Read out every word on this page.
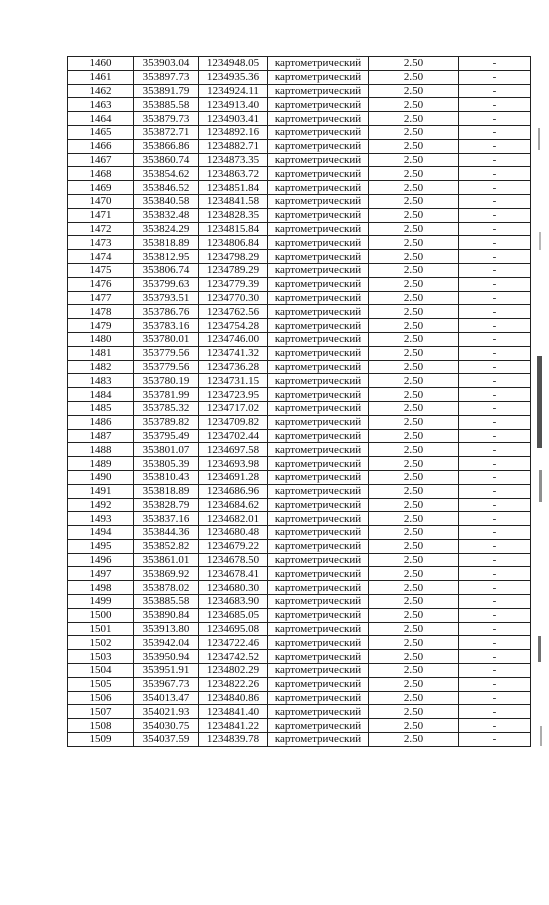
1460	353903.04	1234948.05	картометрический	2.50	-
1461	353897.73	1234935.36	картометрический	2.50	-
1462	353891.79	1234924.11	картометрический	2.50	-
1463	353885.58	1234913.40	картометрический	2.50	-
1464	353879.73	1234903.41	картометрический	2.50	-
1465	353872.71	1234892.16	картометрический	2.50	-
1466	353866.86	1234882.71	картометрический	2.50	-
1467	353860.74	1234873.35	картометрический	2.50	-
1468	353854.62	1234863.72	картометрический	2.50	-
1469	353846.52	1234851.84	картометрический	2.50	-
1470	353840.58	1234841.58	картометрический	2.50	-
1471	353832.48	1234828.35	картометрический	2.50	-
1472	353824.29	1234815.84	картометрический	2.50	-
1473	353818.89	1234806.84	картометрический	2.50	-
1474	353812.95	1234798.29	картометрический	2.50	-
1475	353806.74	1234789.29	картометрический	2.50	-
1476	353799.63	1234779.39	картометрический	2.50	-
1477	353793.51	1234770.30	картометрический	2.50	-
1478	353786.76	1234762.56	картометрический	2.50	-
1479	353783.16	1234754.28	картометрический	2.50	-
1480	353780.01	1234746.00	картометрический	2.50	-
1481	353779.56	1234741.32	картометрический	2.50	-
1482	353779.56	1234736.28	картометрический	2.50	-
1483	353780.19	1234731.15	картометрический	2.50	-
1484	353781.99	1234723.95	картометрический	2.50	-
1485	353785.32	1234717.02	картометрический	2.50	-
1486	353789.82	1234709.82	картометрический	2.50	-
1487	353795.49	1234702.44	картометрический	2.50	-
1488	353801.07	1234697.58	картометрический	2.50	-
1489	353805.39	1234693.98	картометрический	2.50	-
1490	353810.43	1234691.28	картометрический	2.50	-
1491	353818.89	1234686.96	картометрический	2.50	-
1492	353828.79	1234684.62	картометрический	2.50	-
1493	353837.16	1234682.01	картометрический	2.50	-
1494	353844.36	1234680.48	картометрический	2.50	-
1495	353852.82	1234679.22	картометрический	2.50	-
1496	353861.01	1234678.50	картометрический	2.50	-
1497	353869.92	1234678.41	картометрический	2.50	-
1498	353878.02	1234680.30	картометрический	2.50	-
1499	353885.58	1234683.90	картометрический	2.50	-
1500	353890.84	1234685.05	картометрический	2.50	-
1501	353913.80	1234695.08	картометрический	2.50	-
1502	353942.04	1234722.46	картометрический	2.50	-
1503	353950.94	1234742.52	картометрический	2.50	-
1504	353951.91	1234802.29	картометрический	2.50	-
1505	353967.73	1234822.26	картометрический	2.50	-
1506	354013.47	1234840.86	картометрический	2.50	-
1507	354021.93	1234841.40	картометрический	2.50	-
1508	354030.75	1234841.22	картометрический	2.50	-
1509	354037.59	1234839.78	картометрический	2.50	-
